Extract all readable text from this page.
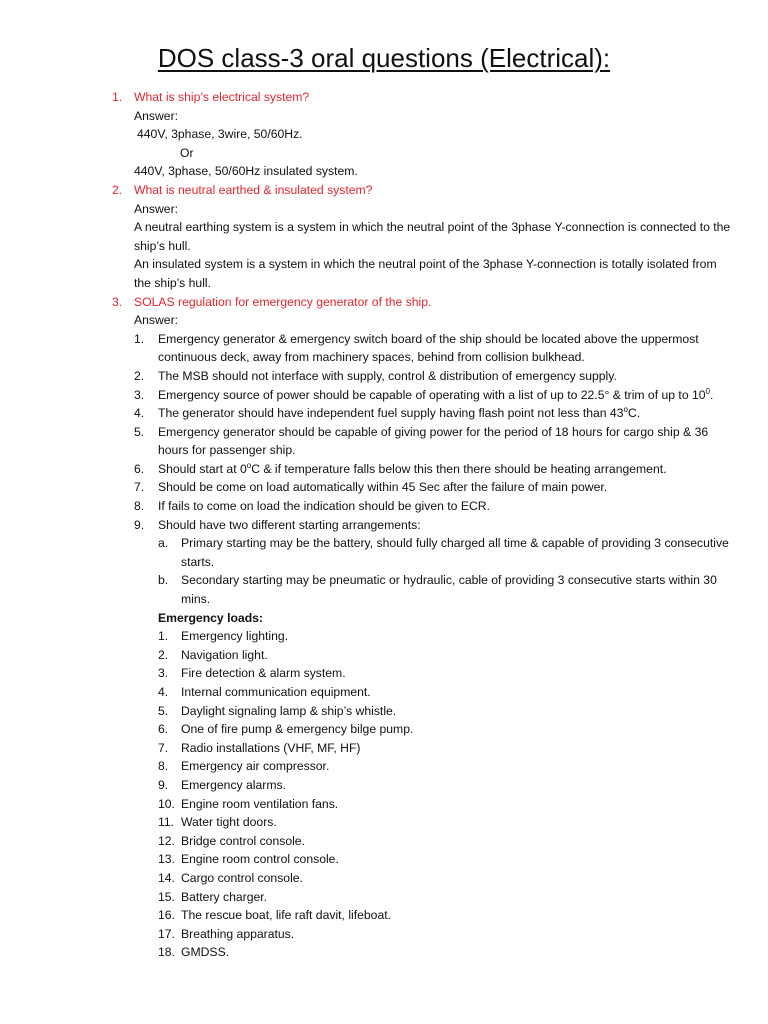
DOS class-3 oral questions (Electrical):
1. What is ship’s electrical system?
Answer:
440V, 3phase, 3wire, 50/60Hz.
Or
440V, 3phase, 50/60Hz insulated system.
2. What is neutral earthed & insulated system?
Answer:
A neutral earthing system is a system in which the neutral point of the 3phase Y-connection is connected to the ship’s hull.
An insulated system is a system in which the neutral point of the 3phase Y-connection is totally isolated from the ship’s hull.
3. SOLAS regulation for emergency generator of the ship.
Answer:
1. Emergency generator & emergency switch board of the ship should be located above the uppermost continuous deck, away from machinery spaces, behind from collision bulkhead.
2. The MSB should not interface with supply, control & distribution of emergency supply.
3. Emergency source of power should be capable of operating with a list of up to 22.5° & trim of up to $10^0$.
4. The generator should have independent fuel supply having flash point not less than 43$^o$C.
5. Emergency generator should be capable of giving power for the period of 18 hours for cargo ship & 36 hours for passenger ship.
6. Should start at 0$^o$C & if temperature falls below this then there should be heating arrangement.
7. Should be come on load automatically within 45 Sec after the failure of main power.
8. If fails to come on load the indication should be given to ECR.
9. Should have two different starting arrangements:
a. Primary starting may be the battery, should fully charged all time & capable of providing 3 consecutive starts.
b. Secondary starting may be pneumatic or hydraulic, cable of providing 3 consecutive starts within 30 mins.
Emergency loads:
1. Emergency lighting.
2. Navigation light.
3. Fire detection & alarm system.
4. Internal communication equipment.
5. Daylight signaling lamp & ship’s whistle.
6. One of fire pump & emergency bilge pump.
7. Radio installations (VHF, MF, HF)
8. Emergency air compressor.
9. Emergency alarms.
10. Engine room ventilation fans.
11. Water tight doors.
12. Bridge control console.
13. Engine room control console.
14. Cargo control console.
15. Battery charger.
16. The rescue boat, life raft davit, lifeboat.
17. Breathing apparatus.
18. GMDSS.
